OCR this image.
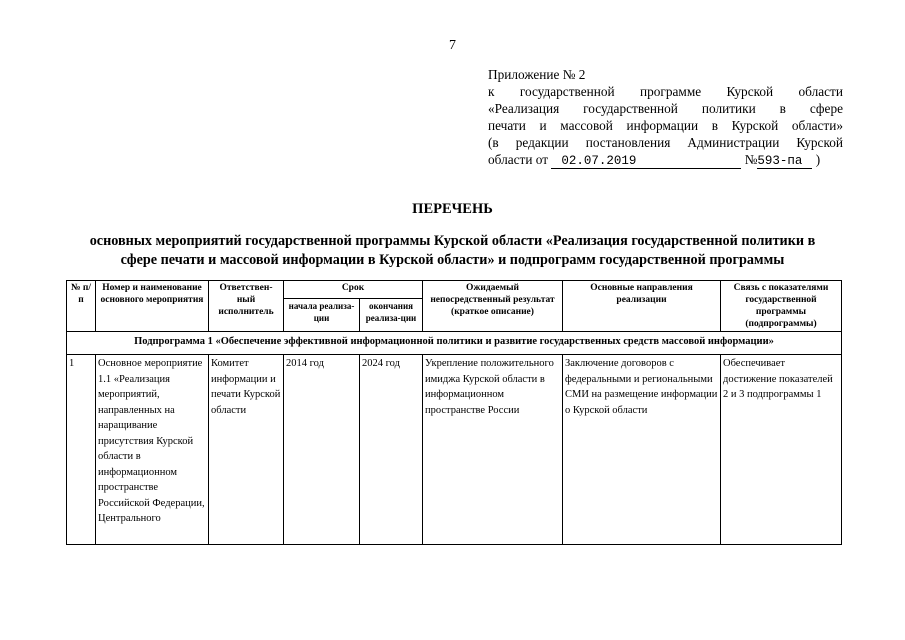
7
Приложение № 2
к государственной программе Курской области
«Реализация государственной политики в сфере
печати и массовой информации в Курской области»
(в редакции постановления Администрации Курской
области от 02.07.2019	№593-па )
ПЕРЕЧЕНЬ
основных мероприятий государственной программы Курской области «Реализация государственной политики в
сфере печати и массовой информации в Курской области» и подпрограмм государственной программы
№ п/п	Номер и наименование основного мероприятия	Ответствен-ный исполнитель	Срок		Ожидаемый непосредственный результат (краткое описание)	Основные направления реализации	Связь с показателями государственной программы (подпрограммы)
			начала реализа-ции	окончания реализа-ции			
Подпрограмма 1 «Обеспечение эффективной информационной политики и развитие государственных средств массовой информации»							
1	Основное мероприятие 1.1 «Реализация мероприятий, направленных на наращивание присутствия Курской области в информационном пространстве Российской Федерации, Центрального	Комитет информации и печати Курской области	2014 год	2024 год	Укрепление положительного имиджа Курской области в информационном пространстве России	Заключение договоров с федеральными и региональными СМИ на размещение информации о Курской области	Обеспечивает достижение показателей 2 и 3 подпрограммы 1
